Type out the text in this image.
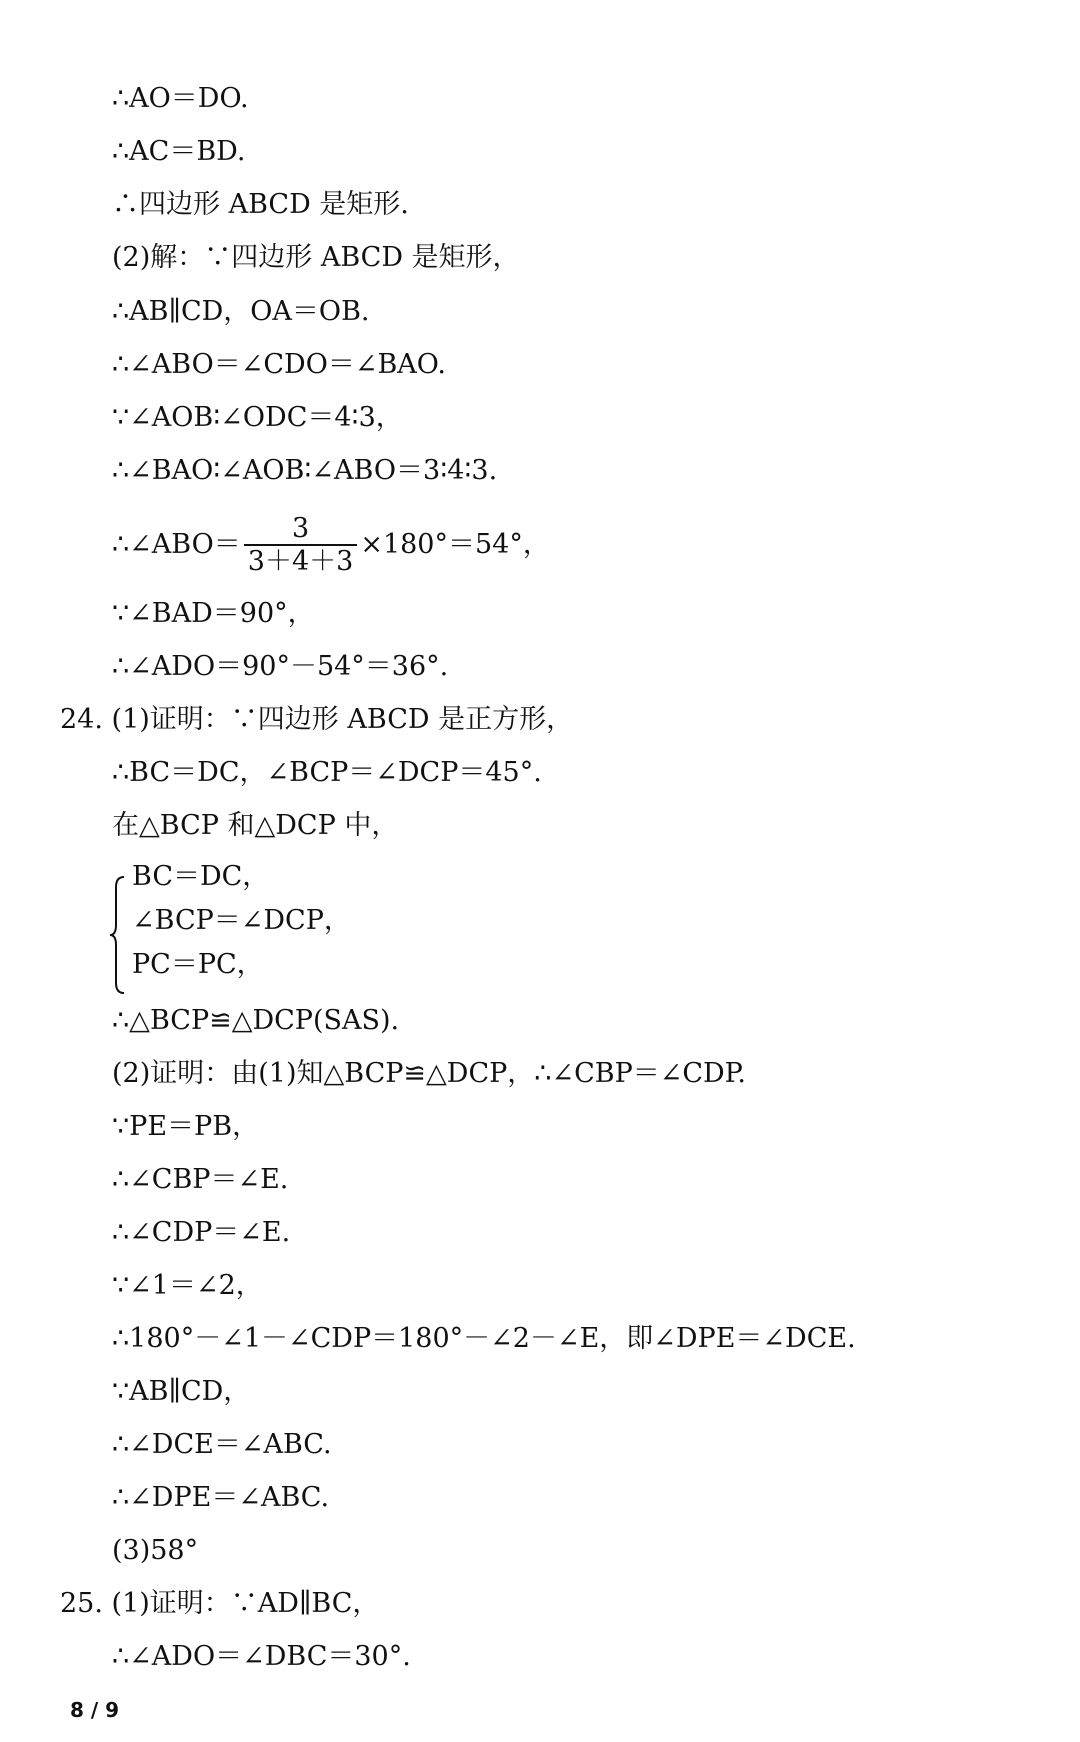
∴AO＝DO.
∴AC＝BD.
∴四边形 ABCD 是矩形.
(2)解：∵四边形 ABCD 是矩形，
∴AB∥CD，OA＝OB.
∴∠ABO＝∠CDO＝∠BAO.
∵∠AOB∶∠ODC＝4∶3，
∴∠BAO∶∠AOB∶∠ABO＝3∶4∶3.
∴∠ABO＝ $\frac{3}{3+4+3} \times 180^\circ=54^\circ$，
∵∠BAD＝90°，
∴∠ADO＝90°－54°＝36°.
24. (1)证明：∵四边形 ABCD 是正方形，
∴BC＝DC，∠BCP＝∠DCP＝45°.
在△BCP 和△DCP 中，
BC＝DC，
∠BCP＝∠DCP，
PC＝PC，
∴△BCP≌△DCP(SAS).
(2)证明：由(1)知△BCP≌△DCP，∴∠CBP＝∠CDP.
∵PE＝PB，
∴∠CBP＝∠E.
∴∠CDP＝∠E.
∵∠1＝∠2，
∴180°－∠1－∠CDP＝180°－∠2－∠E，即∠DPE＝∠DCE.
∵AB∥CD，
∴∠DCE＝∠ABC.
∴∠DPE＝∠ABC.
(3)58°
25. (1)证明：∵AD∥BC，
∴∠ADO＝∠DBC＝30°.
8 / 9
